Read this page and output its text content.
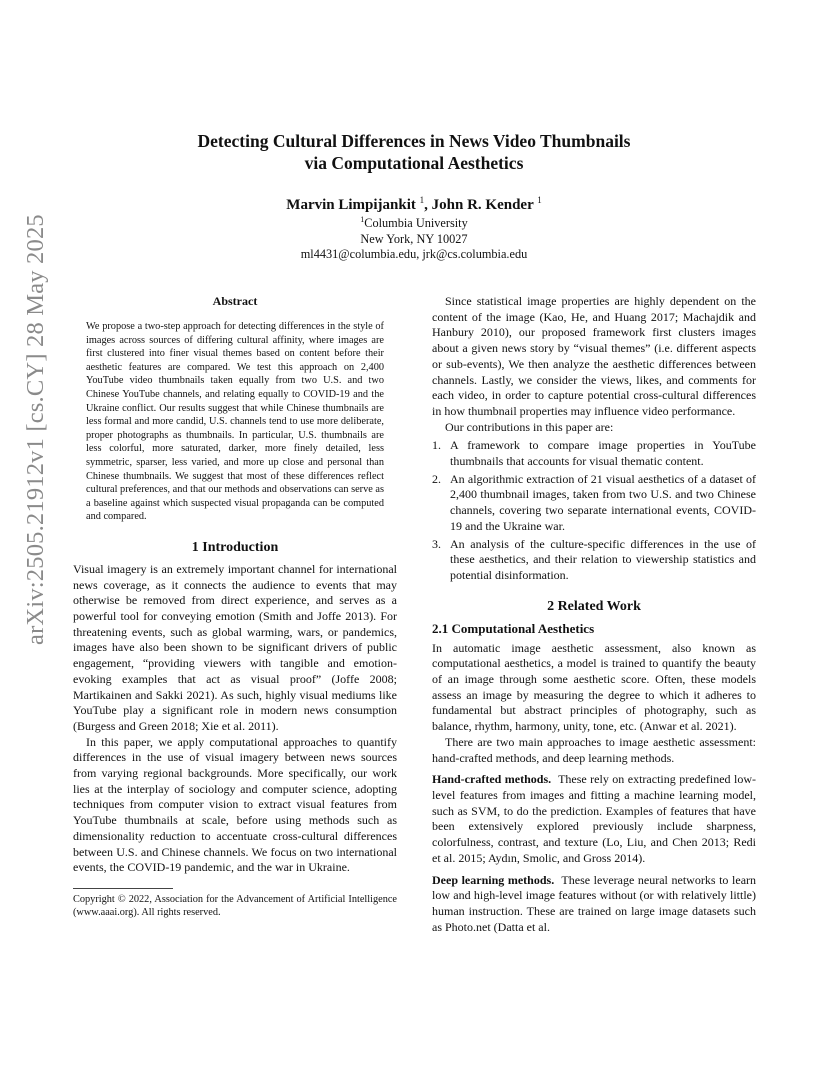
arXiv:2505.21912v1 [cs.CY] 28 May 2025
Detecting Cultural Differences in News Video Thumbnails
via Computational Aesthetics
Marvin Limpijankit $^1$, John R. Kender $^1$
$^1$Columbia University
New York, NY 10027
ml4431@columbia.edu, jrk@cs.columbia.edu
Abstract

We propose a two-step approach for detecting differences in the style of images across sources of differing cultural affinity, where images are first clustered into finer visual themes based on content before their aesthetic features are compared. We test this approach on 2,400 YouTube video thumbnails taken equally from two U.S. and two Chinese YouTube channels, and relating equally to COVID-19 and the Ukraine conflict. Our results suggest that while Chinese thumbnails are less formal and more candid, U.S. channels tend to use more deliberate, proper photographs as thumbnails. In particular, U.S. thumbnails are less colorful, more saturated, darker, more finely detailed, less symmetric, sparser, less varied, and more up close and personal than Chinese thumbnails. We suggest that most of these differences reflect cultural preferences, and that our methods and observations can serve as a baseline against which suspected visual propaganda can be computed and compared.

1 Introduction

Visual imagery is an extremely important channel for international news coverage, as it connects the audience to events that may otherwise be removed from direct experience, and serves as a powerful tool for conveying emotion (Smith and Joffe 2013). For threatening events, such as global warming, wars, or pandemics, images have also been shown to be significant drivers of public engagement, “providing viewers with tangible and emotion-evoking examples that act as visual proof” (Joffe 2008; Martikainen and Sakki 2021). As such, highly visual mediums like YouTube play a significant role in modern news consumption (Burgess and Green 2018; Xie et al. 2011).

In this paper, we apply computational approaches to quantify differences in the use of visual imagery between news sources from varying regional backgrounds. More specifically, our work lies at the interplay of sociology and computer science, adopting techniques from computer vision to extract visual features from YouTube thumbnails at scale, before using methods such as dimensionality reduction to accentuate cross-cultural differences between U.S. and Chinese channels. We focus on two international events, the COVID-19 pandemic, and the war in Ukraine.

Copyright © 2022, Association for the Advancement of Artificial Intelligence (www.aaai.org). All rights reserved.

Since statistical image properties are highly dependent on the content of the image (Kao, He, and Huang 2017; Machajdik and Hanbury 2010), our proposed framework first clusters images about a given news story by “visual themes” (i.e. different aspects or sub-events), We then analyze the aesthetic differences between channels. Lastly, we consider the views, likes, and comments for each video, in order to capture potential cross-cultural differences in how thumbnail properties may influence video performance.

Our contributions in this paper are:

1. A framework to compare image properties in YouTube thumbnails that accounts for visual thematic content.
2. An algorithmic extraction of 21 visual aesthetics of a dataset of 2,400 thumbnail images, taken from two U.S. and two Chinese channels, covering two separate international events, COVID-19 and the Ukraine war.
3. An analysis of the culture-specific differences in the use of these aesthetics, and their relation to viewership statistics and potential disinformation.
2 Related Work
2.1 Computational Aesthetics

In automatic image aesthetic assessment, also known as computational aesthetics, a model is trained to quantify the beauty of an image through some aesthetic score. Often, these models assess an image by measuring the degree to which it adheres to fundamental but abstract principles of photography, such as balance, rhythm, harmony, unity, tone, etc. (Anwar et al. 2021).

There are two main approaches to image aesthetic assessment: hand-crafted methods, and deep learning methods.

Hand-crafted methods. These rely on extracting predefined low-level features from images and fitting a machine learning model, such as SVM, to do the prediction. Examples of features that have been extensively explored previously include sharpness, colorfulness, contrast, and texture (Lo, Liu, and Chen 2013; Redi et al. 2015; Aydın, Smolic, and Gross 2014).

Deep learning methods. These leverage neural networks to learn low and high-level image features without (or with relatively little) human instruction. These are trained on large image datasets such as Photo.net (Datta et al.
